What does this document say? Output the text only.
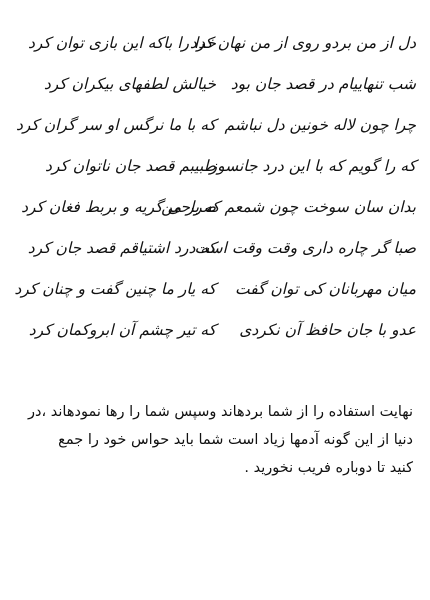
دل از من بردو روی از من نهان کرد
خدا را باکه این بازی توان کرد
شب تنهاییام در قصد جان بود
خیالش لطفهای بیکران کرد
چرا چون لاله خونین دل نباشم
که با ما نرگس او سر گران کرد
که را گویم که با این درد جانسوز
طبیبم قصد جان ناتوان کرد
بدان سان سوخت چون شمعم که بر من
صراحی گریه و بربط فغان کرد
صبا گر چاره داری وقت وقت است
که درد اشتیاقم قصد جان کرد
میان مهربانان کی توان گفت
که یار ما چنین گفت و چنان کرد
عدو با جان حافظ آن نکردی
که تیر چشم آن ابروکمان کرد

نهایت استفاده را از شما بردهاند وسپس شما را رها نمودهاند ،در

دنیا از این گونه آدمها زیاد است شما باید حواس خود را جمع

کنید تا دوباره فریب نخورید .
